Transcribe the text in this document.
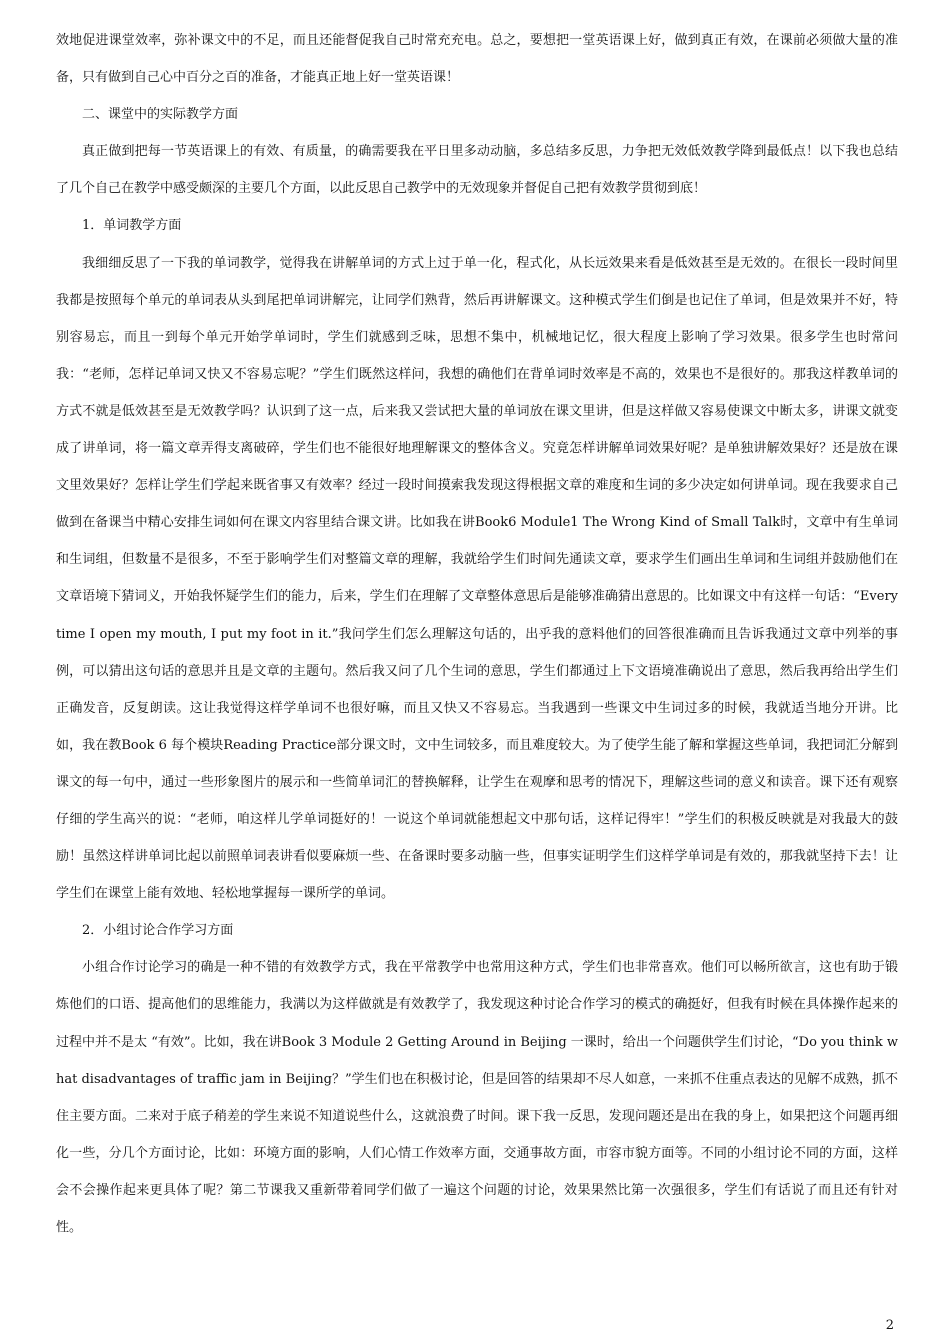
效地促进课堂效率，弥补课文中的不足，而且还能督促我自己时常充充电。总之，要想把一堂英语课上好，做到真正有效，在课前必须做大量的准备，只有做到自己心中百分之百的准备，才能真正地上好一堂英语课！

二、课堂中的实际教学方面

真正做到把每一节英语课上的有效、有质量，的确需要我在平日里多动动脑，多总结多反思，力争把无效低效教学降到最低点！以下我也总结了几个自己在教学中感受颇深的主要几个方面，以此反思自己教学中的无效现象并督促自己把有效教学贯彻到底！

1．单词教学方面

我细细反思了一下我的单词教学，觉得我在讲解单词的方式上过于单一化，程式化，从长远效果来看是低效甚至是无效的。在很长一段时间里我都是按照每个单元的单词表从头到尾把单词讲解完，让同学们熟背，然后再讲解课文。这种模式学生们倒是也记住了单词，但是效果并不好，特别容易忘，而且一到每个单元开始学单词时，学生们就感到乏味，思想不集中，机械地记忆，很大程度上影响了学习效果。很多学生也时常问我：“老师，怎样记单词又快又不容易忘呢？”学生们既然这样问，我想的确他们在背单词时效率是不高的，效果也不是很好的。那我这样教单词的方式不就是低效甚至是无效教学吗？认识到了这一点，后来我又尝试把大量的单词放在课文里讲，但是这样做又容易使课文中断太多，讲课文就变成了讲单词，将一篇文章弄得支离破碎，学生们也不能很好地理解课文的整体含义。究竟怎样讲解单词效果好呢？是单独讲解效果好？还是放在课文里效果好？怎样让学生们学起来既省事又有效率？经过一段时间摸索我发现这得根据文章的难度和生词的多少决定如何讲单词。现在我要求自己做到在备课当中精心安排生词如何在课文内容里结合课文讲。比如我在讲Book6 Module1 The Wrong Kind of Small Talk时，文章中有生单词和生词组，但数量不是很多，不至于影响学生们对整篇文章的理解，我就给学生们时间先通读文章，要求学生们画出生单词和生词组并鼓励他们在文章语境下猜词义，开始我怀疑学生们的能力，后来，学生们在理解了文章整体意思后是能够准确猜出意思的。比如课文中有这样一句话：“Every time I open my mouth, I put my foot in it.”我问学生们怎么理解这句话的，出乎我的意料他们的回答很准确而且告诉我通过文章中列举的事例，可以猜出这句话的意思并且是文章的主题句。然后我又问了几个生词的意思，学生们都通过上下文语境准确说出了意思，然后我再给出学生们正确发音，反复朗读。这让我觉得这样学单词不也很好嘛，而且又快又不容易忘。当我遇到一些课文中生词过多的时候，我就适当地分开讲。比如，我在教Book 6 每个模块Reading Practice部分课文时，文中生词较多，而且难度较大。为了使学生能了解和掌握这些单词，我把词汇分解到课文的每一句中，通过一些形象图片的展示和一些简单词汇的替换解释，让学生在观摩和思考的情况下，理解这些词的意义和读音。课下还有观察仔细的学生高兴的说：“老师，咱这样儿学单词挺好的！一说这个单词就能想起文中那句话，这样记得牢！”学生们的积极反映就是对我最大的鼓励！虽然这样讲单词比起以前照单词表讲看似要麻烦一些、在备课时要多动脑一些，但事实证明学生们这样学单词是有效的，那我就坚持下去！让学生们在课堂上能有效地、轻松地掌握每一课所学的单词。

2．小组讨论合作学习方面

小组合作讨论学习的确是一种不错的有效教学方式，我在平常教学中也常用这种方式，学生们也非常喜欢。他们可以畅所欲言，这也有助于锻炼他们的口语、提高他们的思维能力，我满以为这样做就是有效教学了，我发现这种讨论合作学习的模式的确挺好，但我有时候在具体操作起来的过程中并不是太 “有效”。比如，我在讲Book 3 Module 2 Getting Around in Beijing 一课时，给出一个问题供学生们讨论，“Do you think what disadvantages of traffic jam in Beijing？”学生们也在积极讨论，但是回答的结果却不尽人如意，一来抓不住重点表达的见解不成熟，抓不住主要方面。二来对于底子稍差的学生来说不知道说些什么，这就浪费了时间。课下我一反思，发现问题还是出在我的身上，如果把这个问题再细化一些，分几个方面讨论，比如：环境方面的影响，人们心情工作效率方面，交通事故方面，市容市貌方面等。不同的小组讨论不同的方面，这样会不会操作起来更具体了呢？第二节课我又重新带着同学们做了一遍这个问题的讨论，效果果然比第一次强很多，学生们有话说了而且还有针对性。

2
